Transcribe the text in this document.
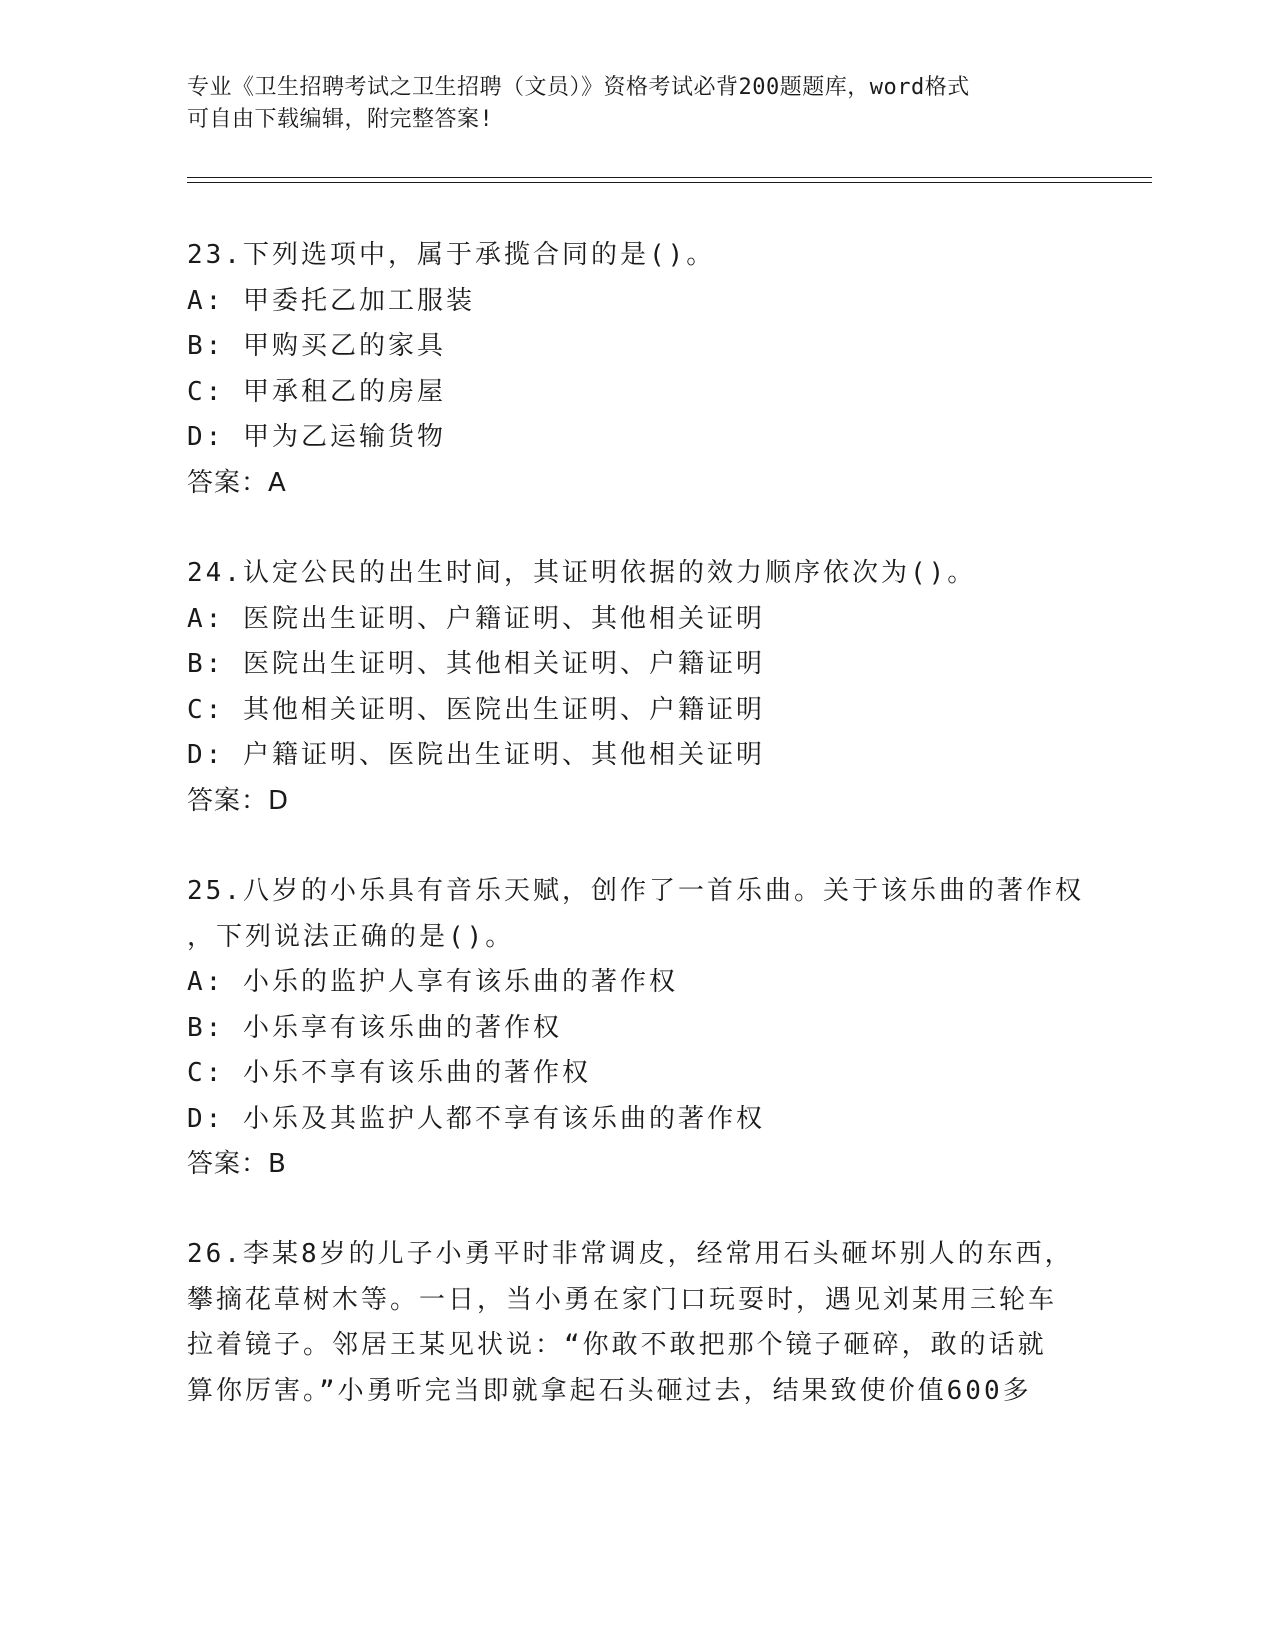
专业《卫生招聘考试之卫生招聘（文员）》资格考试必背200题题库，word格式
可自由下载编辑，附完整答案!
23.下列选项中，属于承揽合同的是()。
A: 甲委托乙加工服装
B: 甲购买乙的家具
C: 甲承租乙的房屋
D: 甲为乙运输货物
答案：A
24.认定公民的出生时间，其证明依据的效力顺序依次为()。
A: 医院出生证明、户籍证明、其他相关证明
B: 医院出生证明、其他相关证明、户籍证明
C: 其他相关证明、医院出生证明、户籍证明
D: 户籍证明、医院出生证明、其他相关证明
答案：D
25.八岁的小乐具有音乐天赋，创作了一首乐曲。关于该乐曲的著作权
，下列说法正确的是()。
A: 小乐的监护人享有该乐曲的著作权
B: 小乐享有该乐曲的著作权
C: 小乐不享有该乐曲的著作权
D: 小乐及其监护人都不享有该乐曲的著作权
答案：B
26.李某8岁的儿子小勇平时非常调皮，经常用石头砸坏别人的东西，
攀摘花草树木等。一日，当小勇在家门口玩耍时，遇见刘某用三轮车
拉着镜子。邻居王某见状说：“你敢不敢把那个镜子砸碎，敢的话就
算你厉害。”小勇听完当即就拿起石头砸过去，结果致使价值600多
